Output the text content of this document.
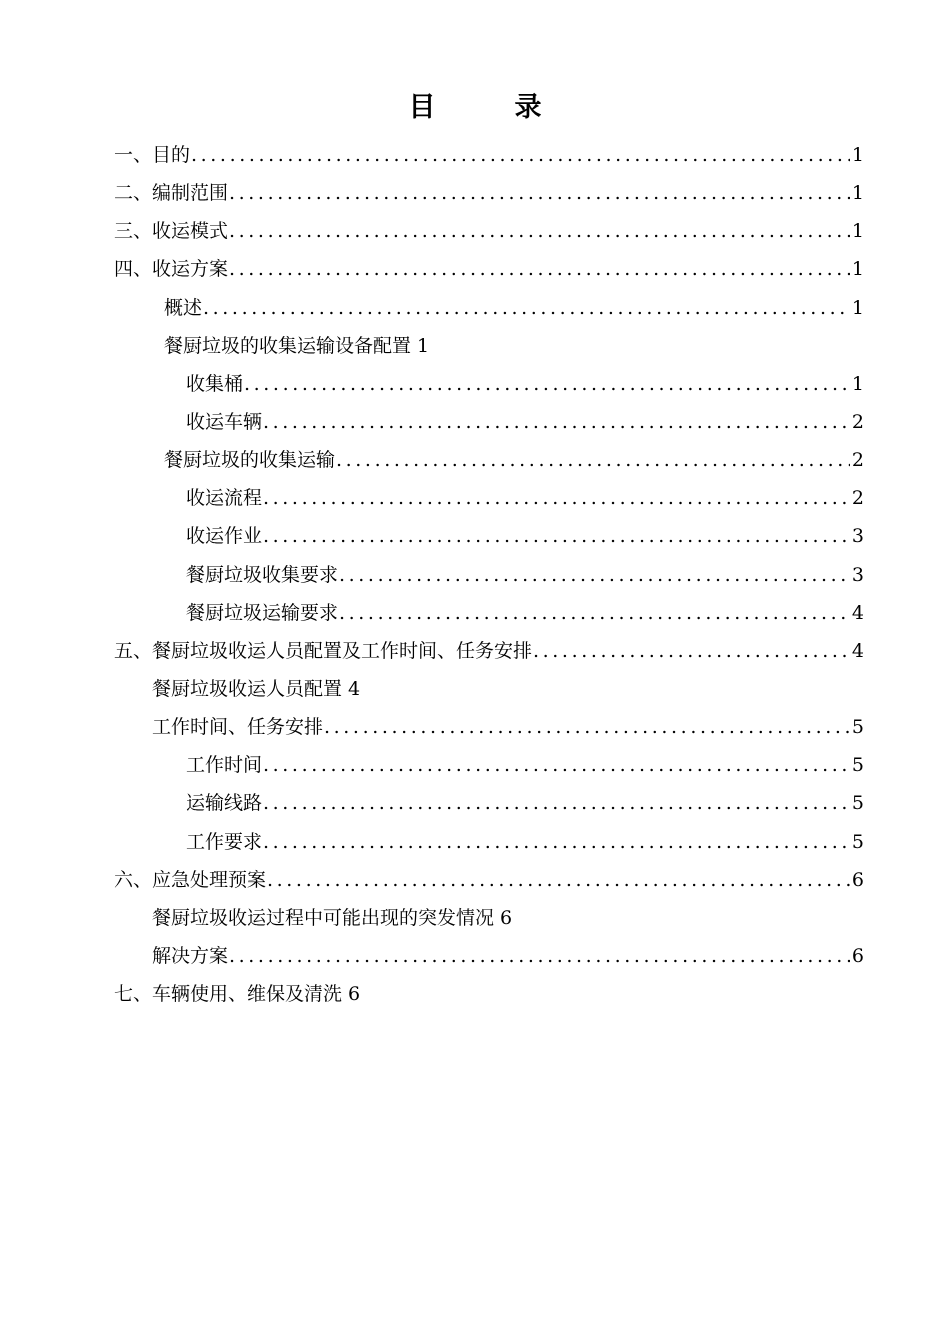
目　录
一、目的 .....	1
二、编制范围 .....	1
三、收运模式 .....	1
四、收运方案 .....	1
概述 .....	1
餐厨垃圾的收集运输设备配置 1
收集桶 .....	1
收运车辆 .....	2
餐厨垃圾的收集运输 .....	2
收运流程 .....	2
收运作业 .....	3
餐厨垃圾收集要求 .....	3
餐厨垃圾运输要求 .....	4
五、餐厨垃圾收运人员配置及工作时间、任务安排 .....	4
餐厨垃圾收运人员配置 4
工作时间、任务安排 .....	5
工作时间 .....	5
运输线路 .....	5
工作要求 .....	5
六、应急处理预案 .....	6
餐厨垃圾收运过程中可能出现的突发情况 6
解决方案 .....	6
七、车辆使用、维保及清洗 6
